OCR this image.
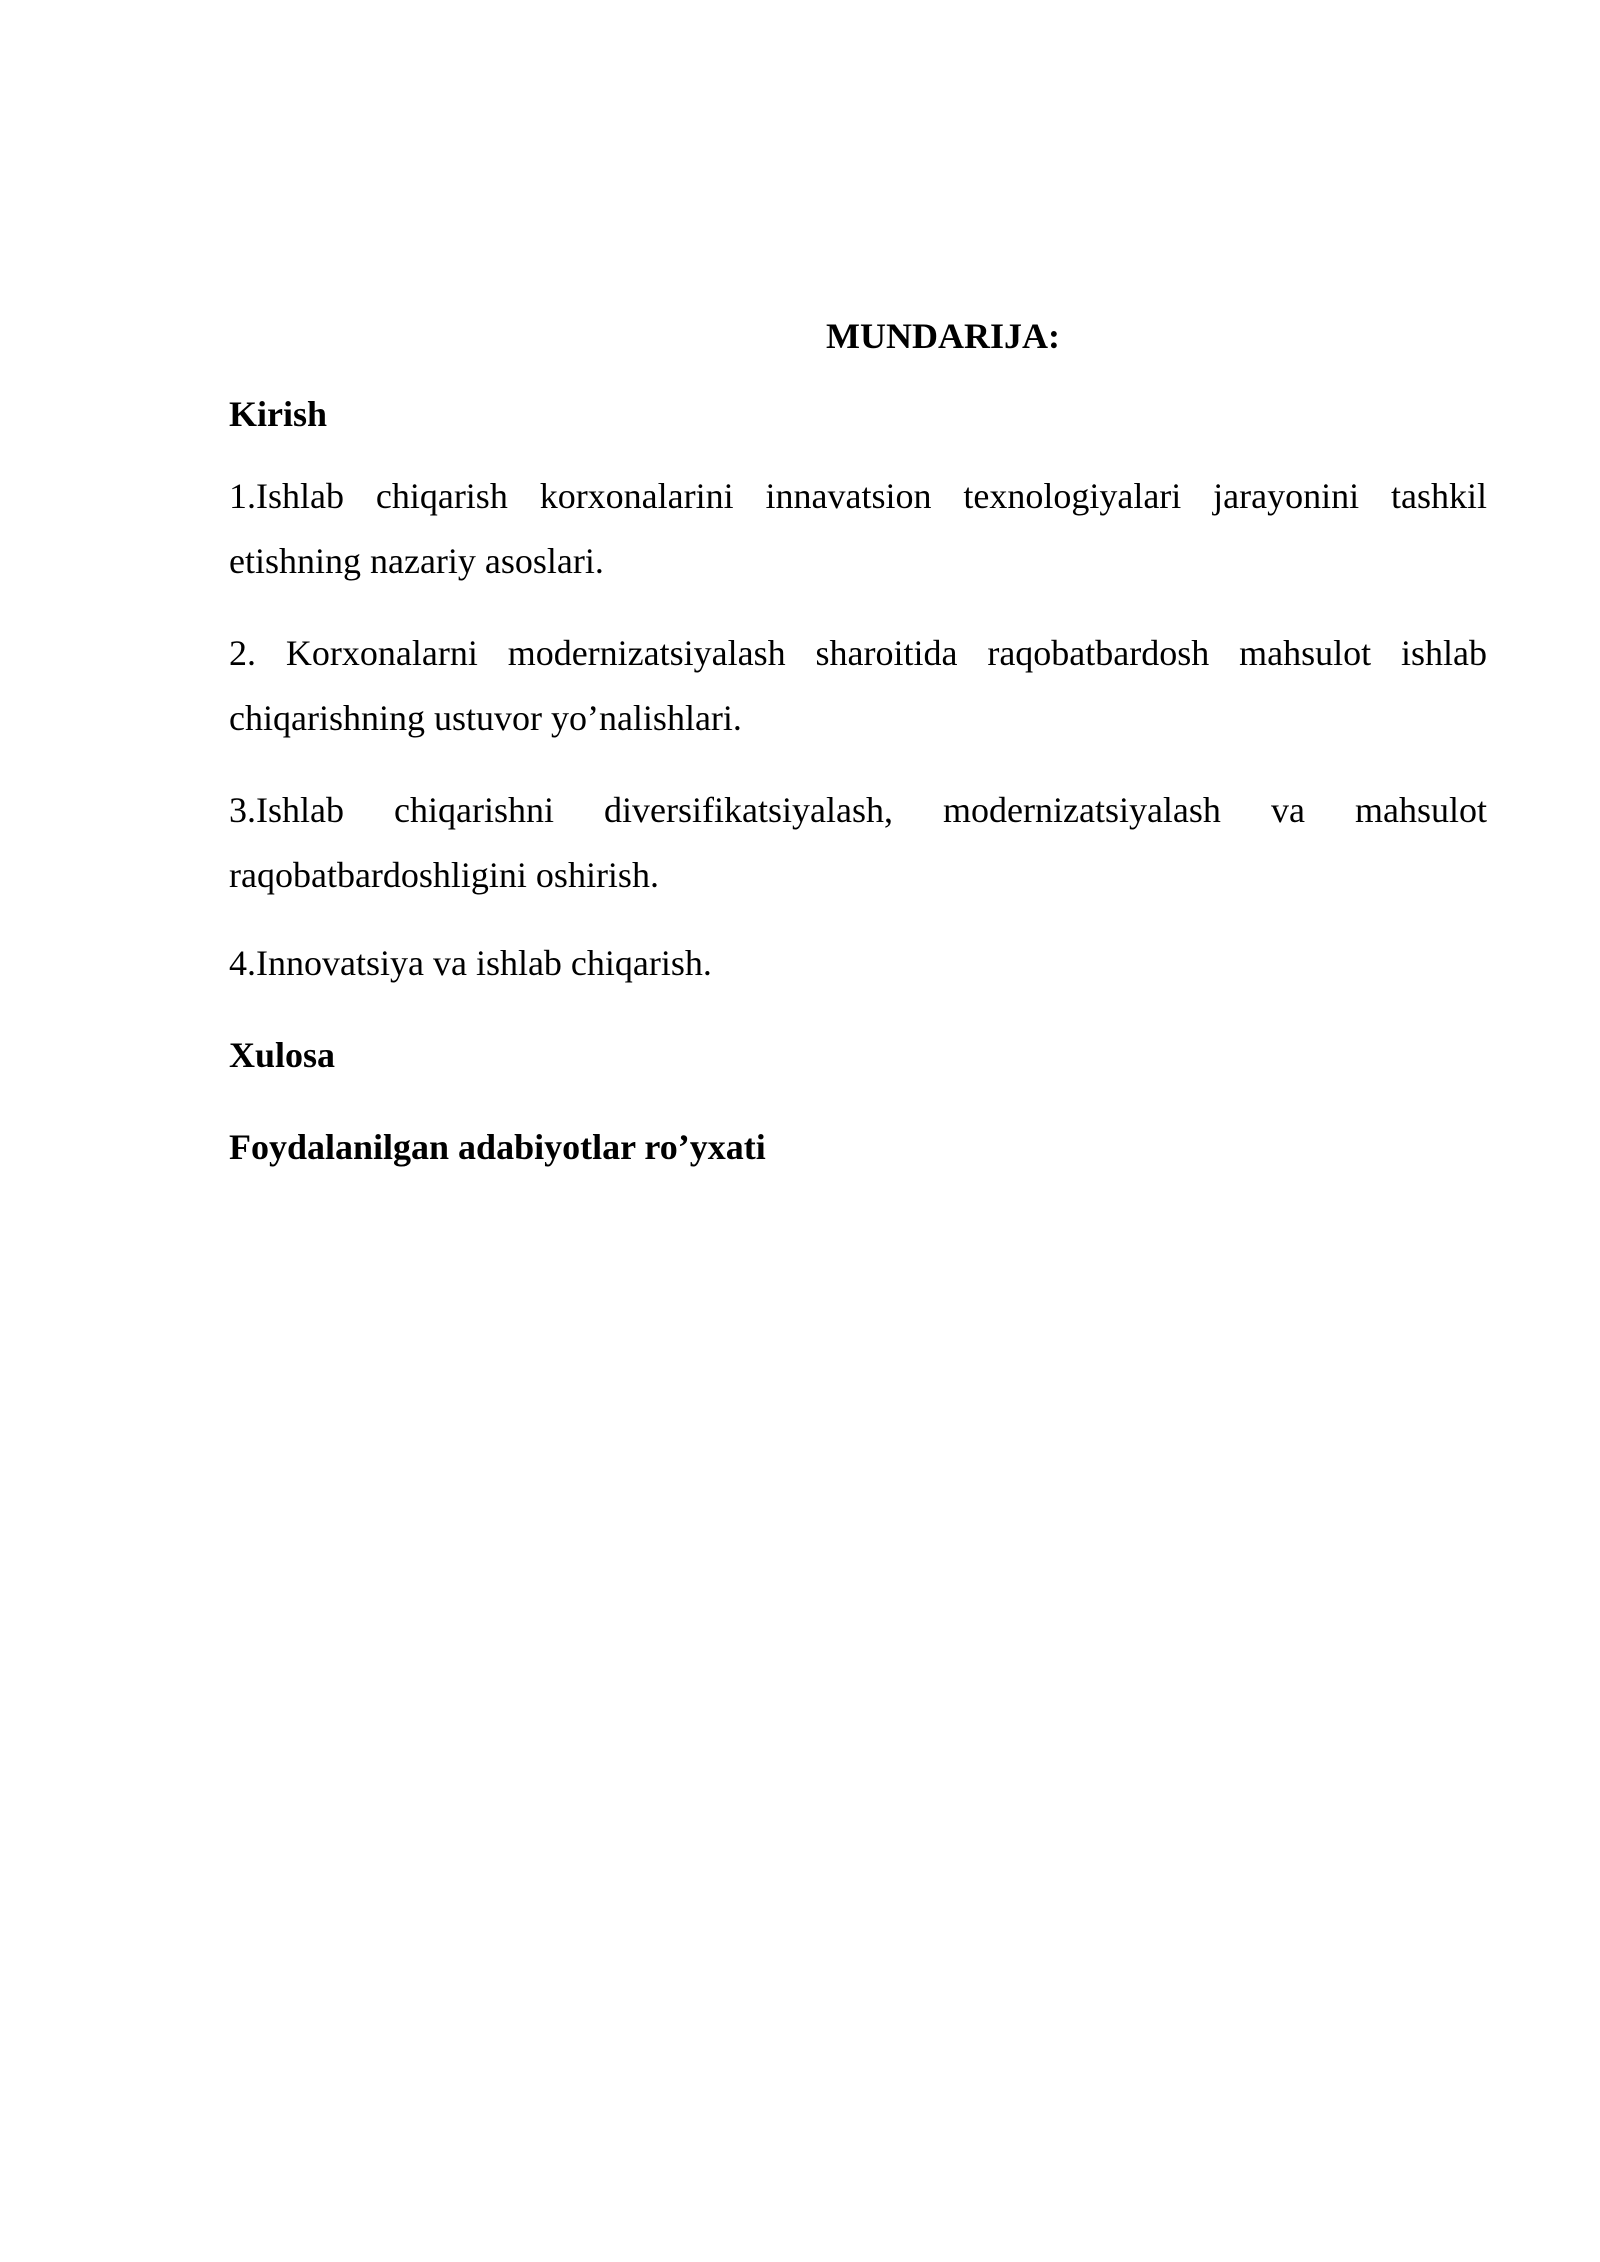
MUNDARIJA:
Kirish
1.Ishlab chiqarish korxonalarini innavatsion texnologiyalari jarayonini tashkil etishning nazariy asoslari.
2. Korxonalarni modernizatsiyalash sharoitida raqobatbardosh mahsulot ishlab chiqarishning ustuvor yo’nalishlari.
3.Ishlab chiqarishni diversifikatsiyalash, modernizatsiyalash va mahsulot raqobatbardoshligini oshirish.
4.Innovatsiya va ishlab chiqarish.
Xulosa
Foydalanilgan adabiyotlar ro’yxati
